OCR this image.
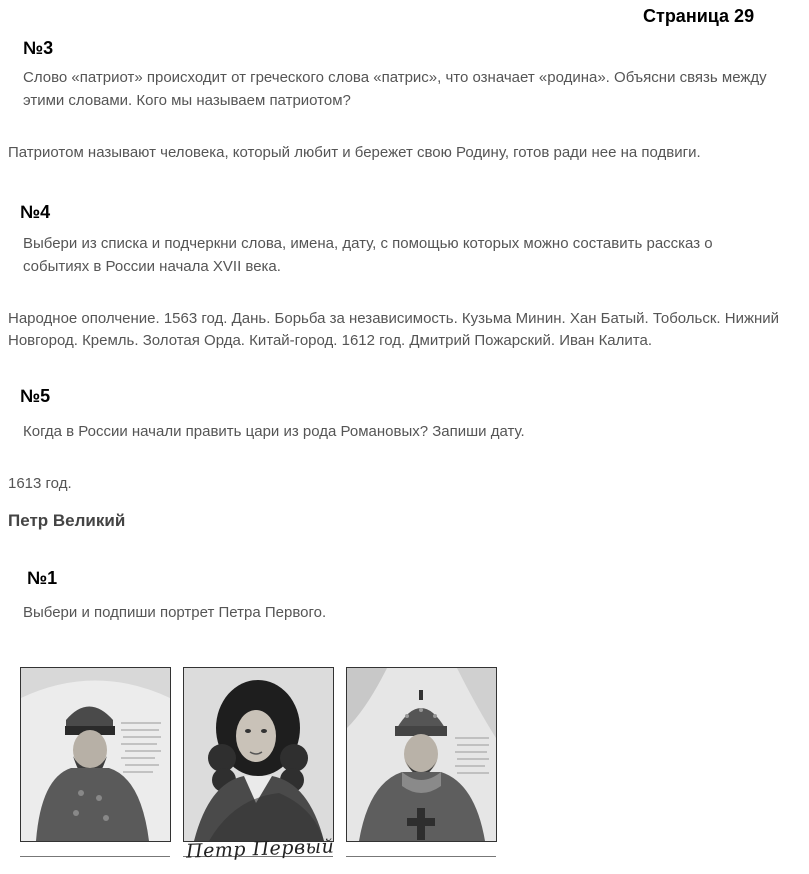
Страница 29
№3
Слово «патриот» происходит от греческого слова «патрис», что означает «родина». Объясни связь между этими словами. Кого мы называем патриотом?
Патриотом называют человека, который любит и бережет свою Родину, готов ради нее на подвиги.
№4
Выбери из списка и подчеркни слова, имена, дату, с помощью которых можно составить рассказ о событиях в России начала XVII века.
Народное ополчение. 1563 год. Дань. Борьба за независимость. Кузьма Минин. Хан Батый. Тобольск. Нижний Новгород. Кремль. Золотая Орда. Китай-город. 1612 год. Дмитрий Пожарский. Иван Калита.
№5
Когда в России начали править цари из рода Романовых? Запиши дату.
1613 год.
Петр Великий
№1
Выбери и подпиши портрет Петра Первого.
Петр Первый
